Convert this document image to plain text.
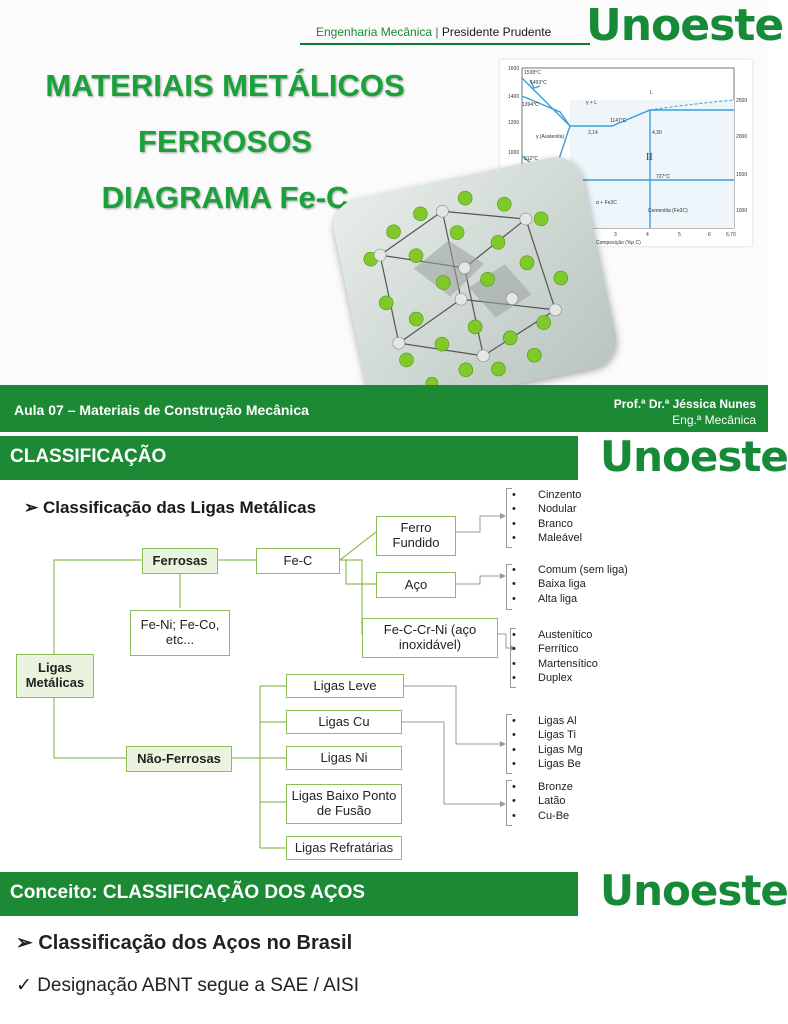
Engenharia Mecânica | Presidente Prudente Unoeste
MATERIAIS METÁLICOS
FERROSOS
DIAGRAMA Fe-C
1600
1538°C
1493°C
1400
1394°C
1200
1000
912°C
1147°C
2,14	4,30
727°C
γ (Austenita)
γ + L
L
II
α + Fe3C
Cementita (Fe3C)
3	4	5	6	6,70
Composição (%p C)
2500
2000
1500
1000
Aula 07 – Materiais de Construção Mecânica	Prof.ª Dr.ª Jéssica Nunes
Eng.ª Mecânica
CLASSIFICAÇÃO	Unoeste
➢ Classificação das Ligas Metálicas
Ligas Metálicas
Ferrosas
Não-Ferrosas
Fe-C
Fe-Ni; Fe-Co, etc...
Ferro Fundido
Aço
Fe-C-Cr-Ni (aço inoxidável)
Ligas Leve
Ligas Cu
Ligas Ni
Ligas Baixo Ponto de Fusão
Ligas Refratárias
• Cinzento
• Nodular
• Branco
• Maleável
• Comum (sem liga)
• Baixa liga
• Alta liga
• Austenítico
• Ferrítico
• Martensítico
• Duplex
• Ligas Al
• Ligas Ti
• Ligas Mg
• Ligas Be
• Bronze
• Latão
• Cu-Be
Conceito: CLASSIFICAÇÃO DOS AÇOS	Unoeste
➢ Classificação dos Aços no Brasil
✓ Designação ABNT segue a SAE / AISI
